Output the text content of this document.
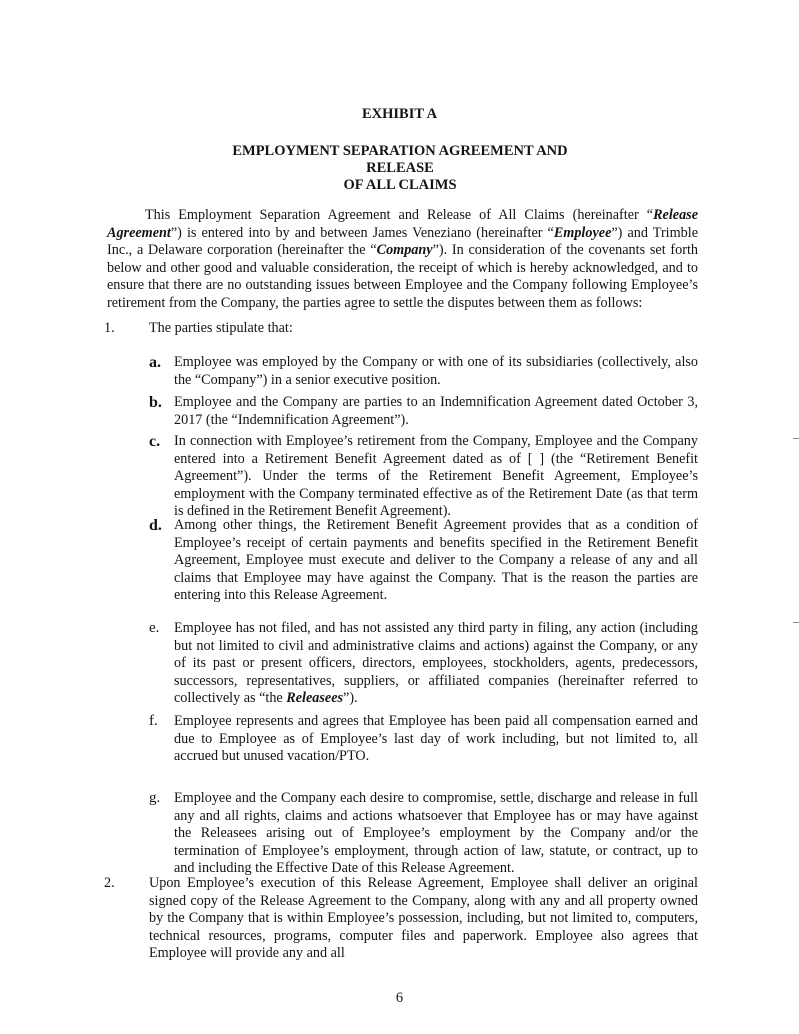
EXHIBIT A
EMPLOYMENT SEPARATION AGREEMENT AND RELEASE
OF ALL CLAIMS

This Employment Separation Agreement and Release of All Claims (hereinafter “Release Agreement”) is entered into by and between James Veneziano (hereinafter “Employee”) and Trimble Inc., a Delaware corporation (hereinafter the “Company”). In consideration of the covenants set forth below and other good and valuable consideration, the receipt of which is hereby acknowledged, and to ensure that there are no outstanding issues between Employee and the Company following Employee’s retirement from the Company, the parties agree to settle the disputes between them as follows:

1. The parties stipulate that:

a. Employee was employed by the Company or with one of its subsidiaries (collectively, also the “Company”) in a senior executive position.
b. Employee and the Company are parties to an Indemnification Agreement dated October 3, 2017 (the “Indemnification Agreement”).
c. In connection with Employee’s retirement from the Company, Employee and the Company entered into a Retirement Benefit Agreement dated as of [ ] (the “Retirement Benefit Agreement”). Under the terms of the Retirement Benefit Agreement, Employee’s employment with the Company terminated effective as of the Retirement Date (as that term is defined in the Retirement Benefit Agreement).
d. Among other things, the Retirement Benefit Agreement provides that as a condition of Employee’s receipt of certain payments and benefits specified in the Retirement Benefit Agreement, Employee must execute and deliver to the Company a release of any and all claims that Employee may have against the Company. That is the reason the parties are entering into this Release Agreement.
e.	Employee has not filed, and has not assisted any third party in filing, any action (including but not limited to civil and administrative claims and actions) against the Company, or any of its past or present officers, directors, employees, stockholders, agents, predecessors, successors, representatives, suppliers, or affiliated companies (hereinafter referred to collectively as “the Releasees”).
f.	Employee represents and agrees that Employee has been paid all compensation earned and due to Employee as of Employee’s last day of work including, but not limited to, all accrued but unused vacation/PTO.
g. Employee and the Company each desire to compromise, settle, discharge and release in full any and all rights, claims and actions whatsoever that Employee has or may have against the Releasees arising out of Employee’s employment by the Company and/or the termination of Employee’s employment, through action of law, statute, or contract, up to and including the Effective Date of this Release Agreement.
2. Upon Employee’s execution of this Release Agreement, Employee shall deliver an original signed copy of the Release Agreement to the Company, along with any and all property owned by the Company that is within Employee’s possession, including, but not limited to, computers, technical resources, programs, computer files and paperwork. Employee also agrees that Employee will provide any and all

6
